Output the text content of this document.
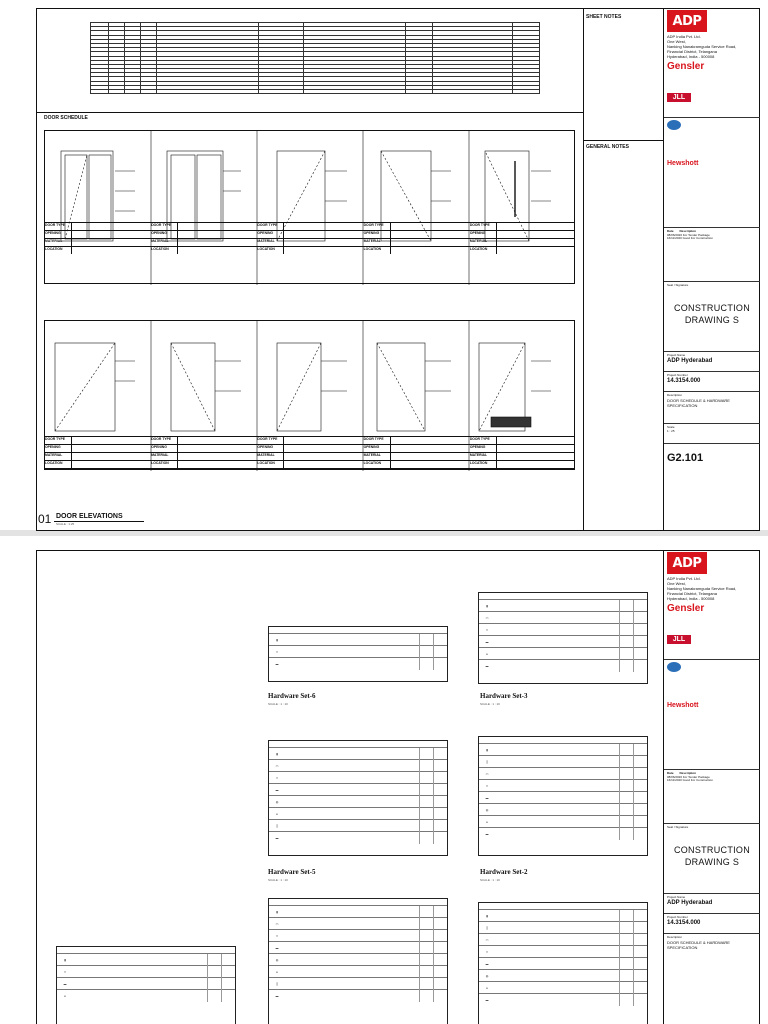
SHEET NOTES
GENERAL NOTES
DOOR SCHEDULE
DOOR TYPE	DOOR TYPE	DOOR TYPE	DOOR TYPE	DOOR TYPE
OPENING	OPENING	OPENING	OPENING	OPENING
MATERIAL	MATERIAL	MATERIAL	MATERIAL	MATERIAL
LOCATION	LOCATION	LOCATION	LOCATION	LOCATION
DOOR TYPE	DOOR TYPE	DOOR TYPE	DOOR TYPE	DOOR TYPE
OPENING	OPENING	OPENING	OPENING	OPENING
MATERIAL	MATERIAL	MATERIAL	MATERIAL	MATERIAL
LOCATION	LOCATION	LOCATION	LOCATION	LOCATION
01 DOOR ELEVATIONS
SCALE : 1:25
ADP
ADP India Pvt. Ltd.
One West,
Nanking Nanakramguda Service Road,
Financial District, Telangana
Hyderabad, India - 500008
Gensler

JLL
Hewshott
Date Description
08/06/2020 For Tender Package
16/11/2020 Good For Construction
Seal / Signature
CONSTRUCTION DRAWING S
Project Name
ADP Hyderabad
Project Number
14.3154.000
Description
DOOR SCHEDULE & HARDWARE SPECIFICATION
Scale
1 : 25
G2.101
▮
━
▬
Hardware Set-6
SCALE : 1 : 10
▮
▭
━
▬
●
▬
Hardware Set-3
SCALE : 1 : 10
▮
▭
━
▬
◍
●
┃
▬
Hardware Set-5
SCALE : 1 : 10
▮
┃
▭
━
▬
◍
●
▬
Hardware Set-2
SCALE : 1 : 10
▮
▭
━
▬
◍
●
┃
▬
▮
┃
▭
━
▬
◍
●
▬
▮
━
▬
●
ADP
ADP India Pvt. Ltd.
One West,
Nanking Nanakramguda Service Road,
Financial District, Telangana
Hyderabad, India - 500008
Gensler

JLL
Hewshott
Date Description
08/06/2020 For Tender Package
16/11/2020 Good For Construction
Seal / Signature
CONSTRUCTION DRAWING S
Project Name
ADP Hyderabad
Project Number
14.3154.000
Description
DOOR SCHEDULE & HARDWARE SPECIFICATION
